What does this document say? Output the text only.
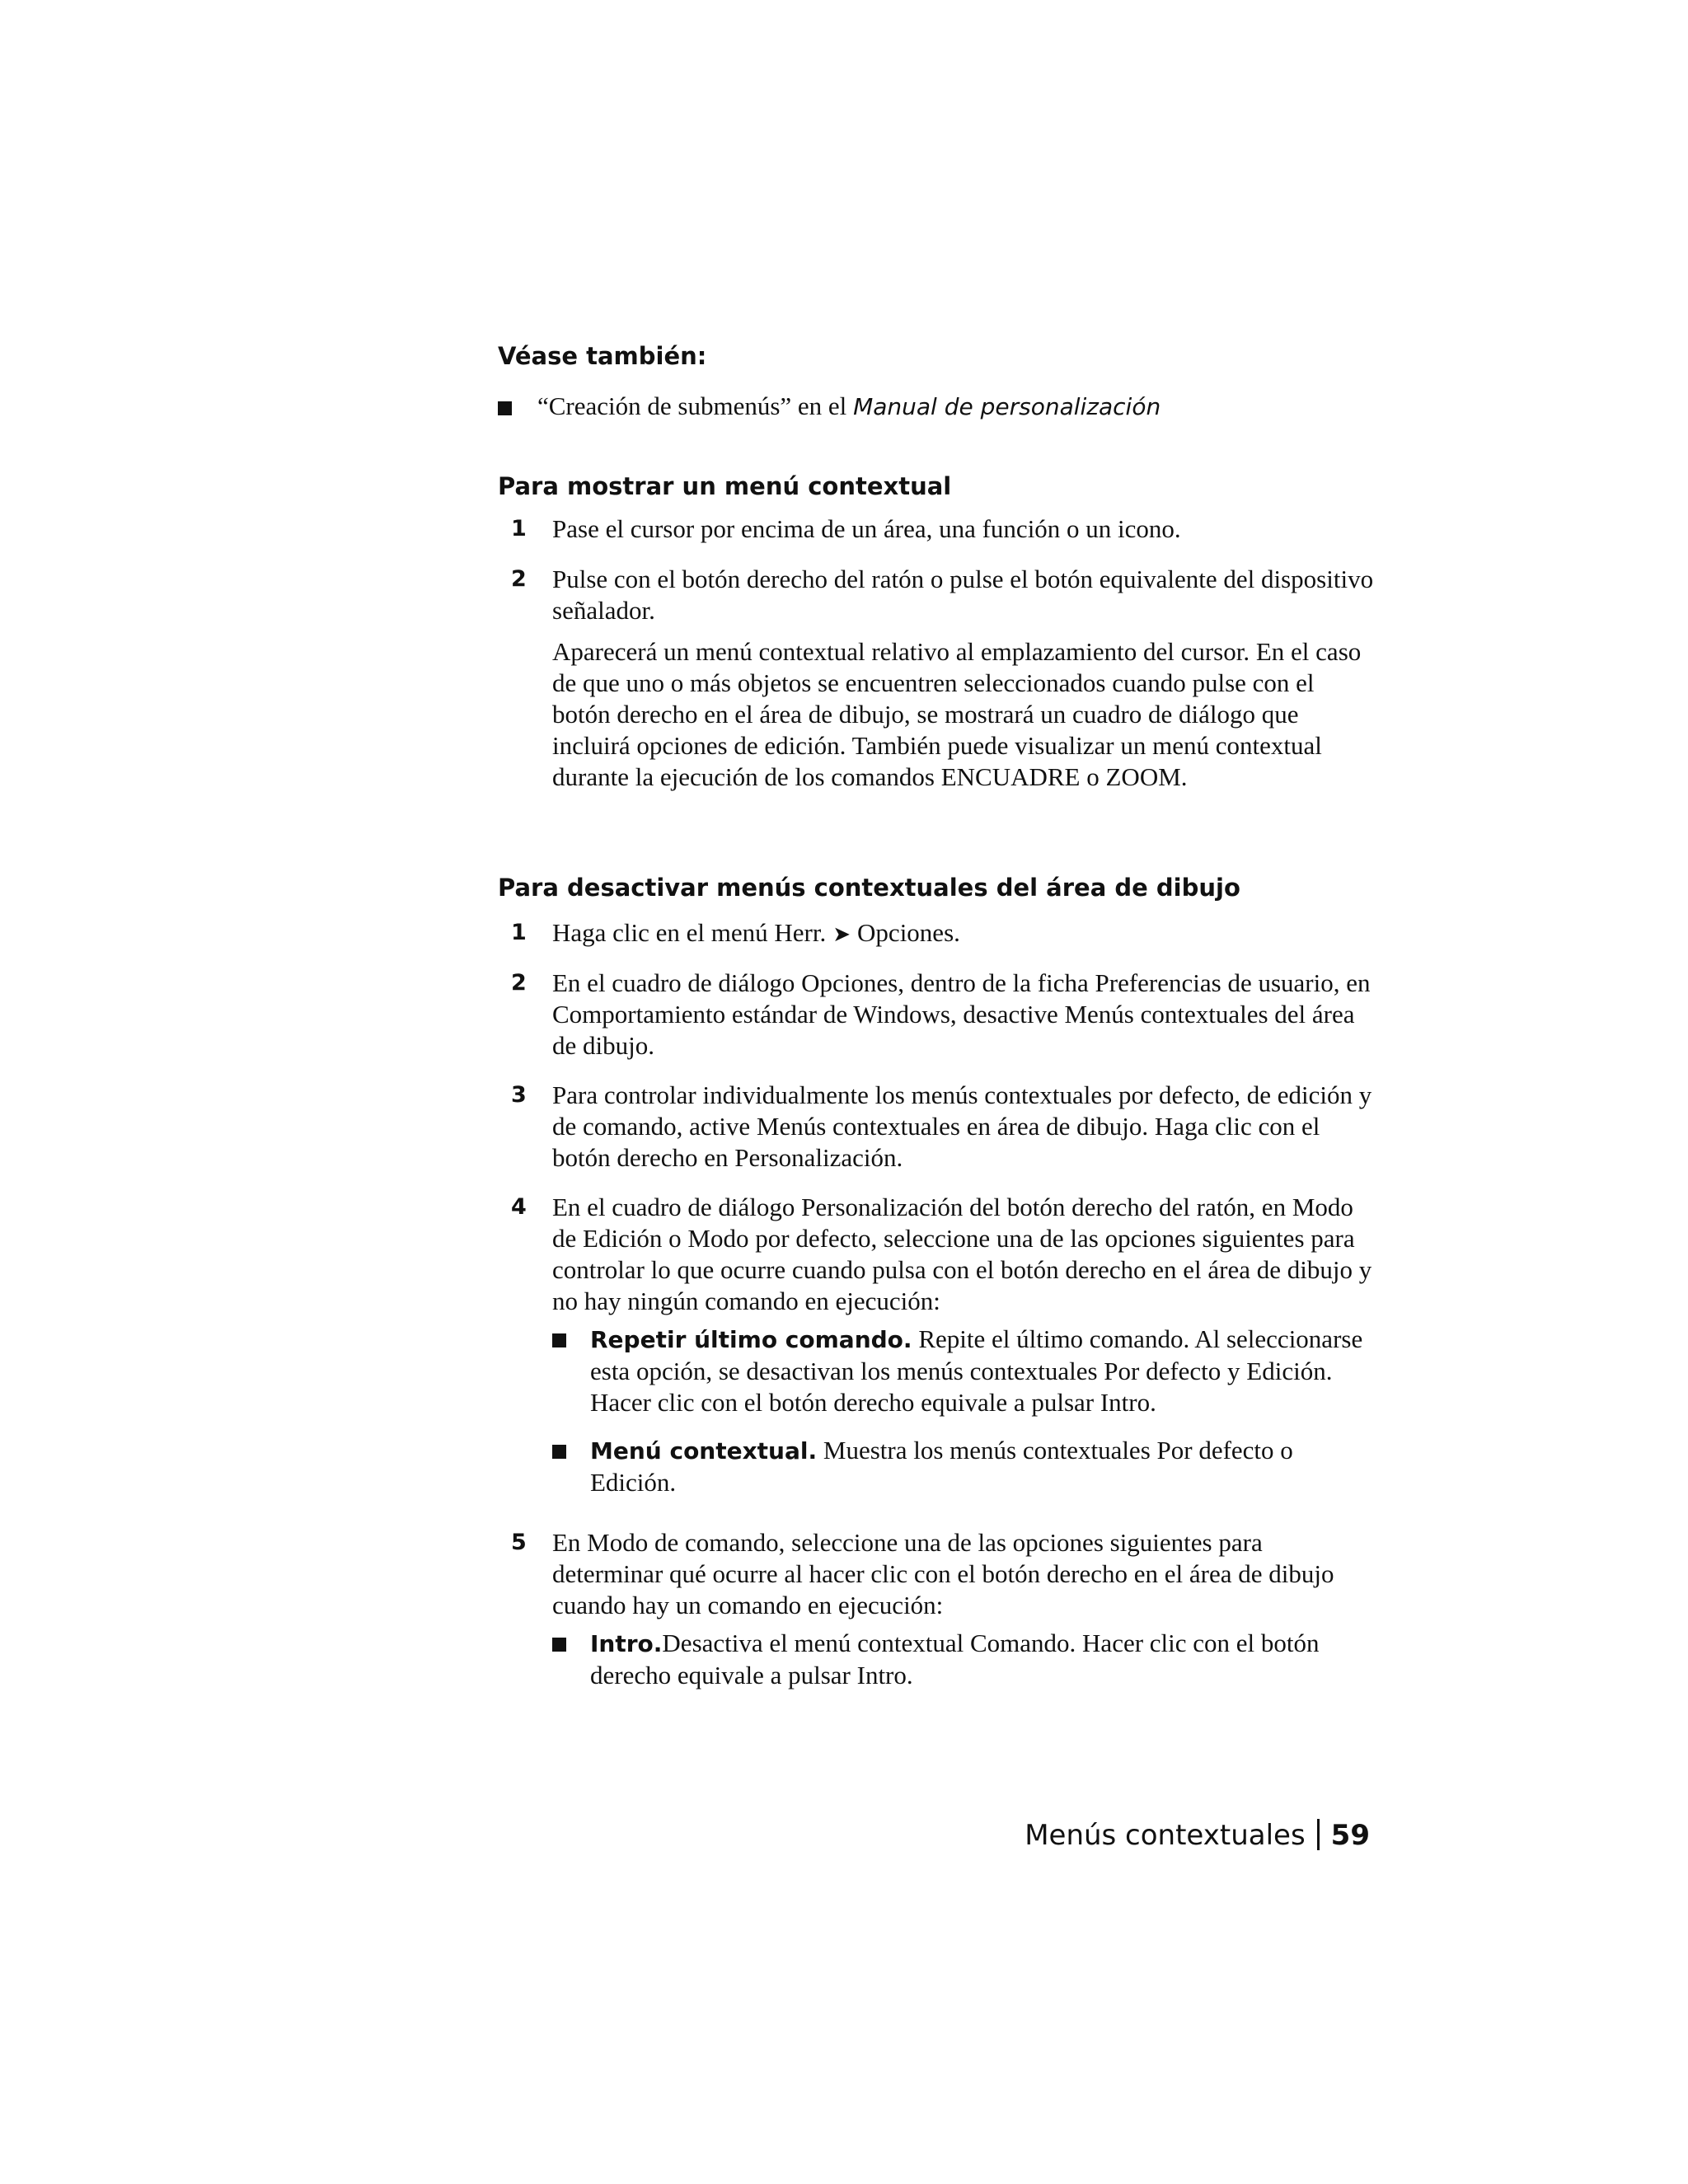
Véase también:
“Creación de submenús” en el Manual de personalización
Para mostrar un menú contextual
1	Pase el cursor por encima de un área, una función o un icono.

2	Pulse con el botón derecho del ratón o pulse el botón equivalente del dispositivo señalador.

Aparecerá un menú contextual relativo al emplazamiento del cursor. En el caso de que uno o más objetos se encuentren seleccionados cuando pulse con el botón derecho en el área de dibujo, se mostrará un cuadro de diálogo que incluirá opciones de edición. También puede visualizar un menú contextual durante la ejecución de los comandos ENCUADRE o ZOOM.

Para desactivar menús contextuales del área de dibujo
1	Haga clic en el menú Herr. ➤ Opciones.

2	En el cuadro de diálogo Opciones, dentro de la ficha Preferencias de usuario, en Comportamiento estándar de Windows, desactive Menús contextuales del área de dibujo.

3	Para controlar individualmente los menús contextuales por defecto, de edición y de comando, active Menús contextuales en área de dibujo. Haga clic con el botón derecho en Personalización.

4	En el cuadro de diálogo Personalización del botón derecho del ratón, en Modo de Edición o Modo por defecto, seleccione una de las opciones siguientes para controlar lo que ocurre cuando pulsa con el botón derecho en el área de dibujo y no hay ningún comando en ejecución:

Repetir último comando. Repite el último comando. Al seleccionarse esta opción, se desactivan los menús contextuales Por defecto y Edición. Hacer clic con el botón derecho equivale a pulsar Intro.
Menú contextual. Muestra los menús contextuales Por defecto o Edición.
5	En Modo de comando, seleccione una de las opciones siguientes para determinar qué ocurre al hacer clic con el botón derecho en el área de dibujo cuando hay un comando en ejecución:

Intro.Desactiva el menú contextual Comando. Hacer clic con el botón derecho equivale a pulsar Intro.
Menús contextuales 59
